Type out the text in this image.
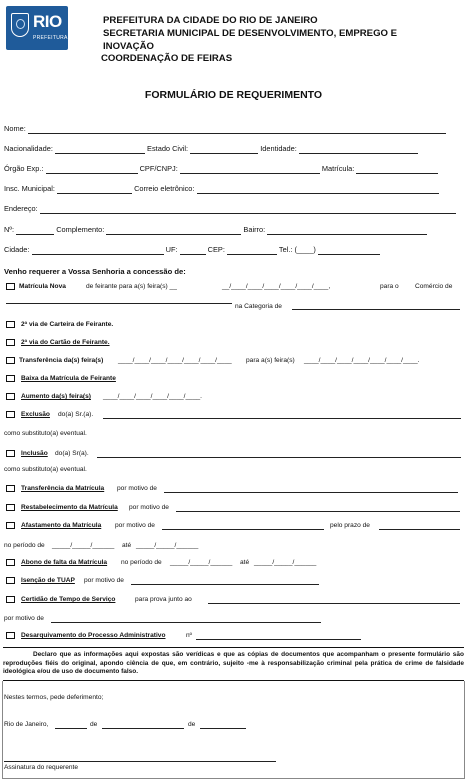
RIO
PREFEITURA
PREFEITURA DA CIDADE DO RIO DE JANEIRO
SECRETARIA MUNICIPAL DE DESENVOLVIMENTO, EMPREGO E
INOVAÇÃO
COORDENAÇÃO DE FEIRAS
FORMULÁRIO DE REQUERIMENTO
Nome:
Nacionalidade:	Estado Civil:	Identidade:
Órgão Exp.:	CPF/CNPJ:	Matrícula:
Insc. Municipal:	Correio eletrônico:
Endereço:
Nº:	Complemento:	Bairro:
Cidade:	UF:	CEP:	Tel.: (____)
Venho requerer a Vossa Senhoria a concessão de:
Matrícula Nova	de feirante para a(s) feira(s) __	__/____/____/____/____/____/____,	para o Comércio de
na Categoria de
2ª via de Carteira de Feirante.
2ª via do Cartão de Feirante.
Transferência da(s) feira(s) ____/____/____/____/____/____/____ para a(s) feira(s) ____/____/____/____/____/____/____.
Baixa da Matrícula de Feirante
Aumento da(s) feira(s) ____/____/____/____/____/____.
Exclusão do(a) Sr.(a).
como substituto(a) eventual.
Inclusão do(a) Sr(a).
como substituto(a) eventual.
Transferência da Matrícula por motivo de
Restabelecimento da Matrícula por motivo de
Afastamento da Matrícula por motivo de	pelo prazo de
no período de _____/_____/______ até _____/_____/______
Abono de falta da Matrícula no período de _____/_____/______ até _____/_____/______
Isenção de TUAP por motivo de
Certidão de Tempo de Serviço	para prova junto ao
por motivo de
Desarquivamento do Processo Administrativo	nº
Declaro que as informações aqui expostas são verídicas e que as cópias de documentos que acompanham o presente formulário são reproduções fiéis do original, apondo ciência de que, em contrário, sujeito -me à responsabilização criminal pela prática de crime de falsidade ideológica e/ou de uso de documento falso.
Nestes termos, pede deferimento;
Rio de Janeiro,	de	de
Assinatura do requerente
